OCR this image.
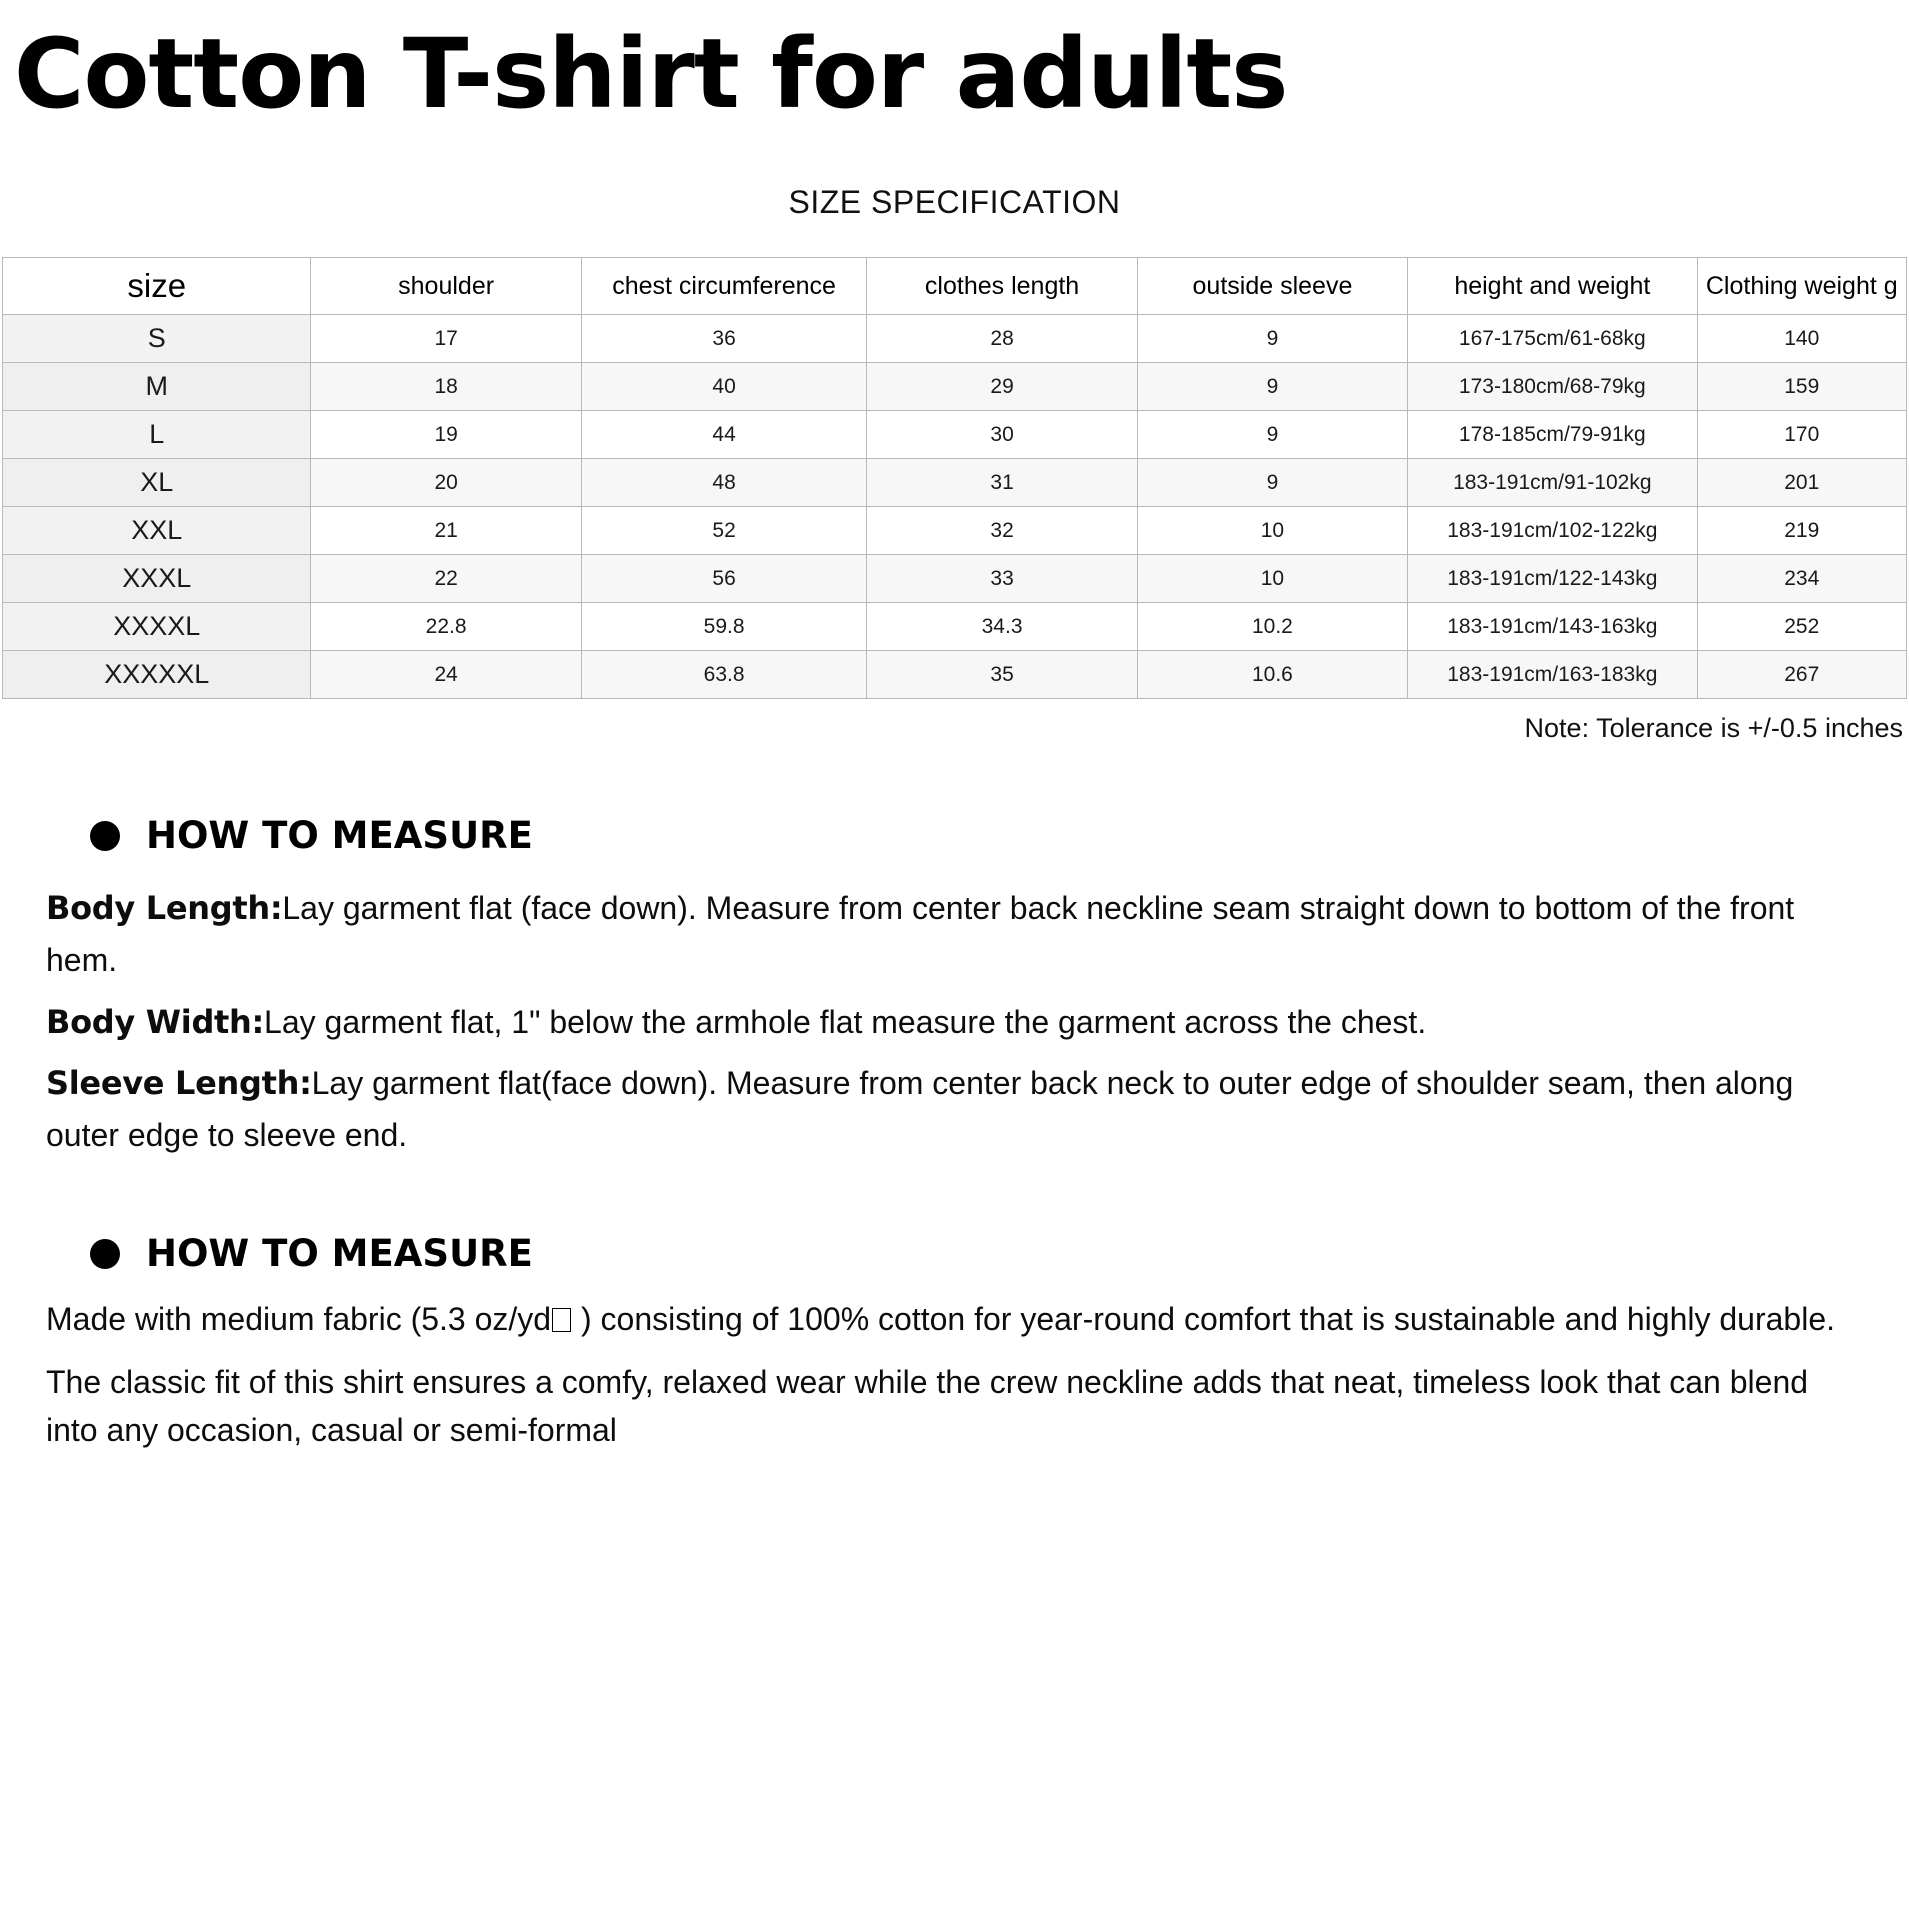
Cotton T-shirt for adults
SIZE SPECIFICATION
size	shoulder	chest circumference	clothes length	outside sleeve	height and weight	Clothing weight g
S	17	36	28	9	167-175cm/61-68kg	140
M	18	40	29	9	173-180cm/68-79kg	159
L	19	44	30	9	178-185cm/79-91kg	170
XL	20	48	31	9	183-191cm/91-102kg	201
XXL	21	52	32	10	183-191cm/102-122kg	219
XXXL	22	56	33	10	183-191cm/122-143kg	234
XXXXL	22.8	59.8	34.3	10.2	183-191cm/143-163kg	252
XXXXXL	24	63.8	35	10.6	183-191cm/163-183kg	267
Note: Tolerance is +/-0.5 inches
HOW TO MEASURE
Body Length:Lay garment flat (face down). Measure from center back neckline seam straight down to bottom of the front hem.
Body Width:Lay garment flat, 1" below the armhole flat measure the garment across the chest.
Sleeve Length:Lay garment flat(face down). Measure from center back neck to outer edge of shoulder seam, then along outer edge to sleeve end.
HOW TO MEASURE
Made with medium fabric (5.3 oz/yd ) consisting of 100% cotton for year-round comfort that is sustainable and highly durable.
The classic fit of this shirt ensures a comfy, relaxed wear while the crew neckline adds that neat, timeless look that can blend into any occasion, casual or semi-formal
